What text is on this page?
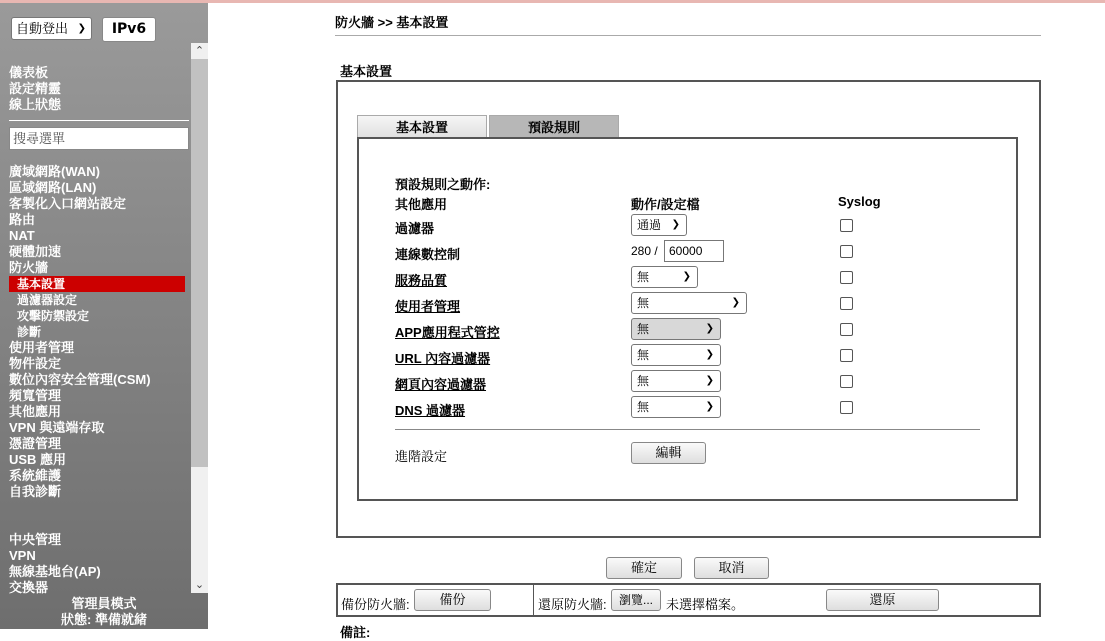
自動登出 ❯	IPv6
⌃
⌄
儀表板
設定精靈
線上狀態
搜尋選單
廣域網路(WAN)
區域網路(LAN)
客製化入口網站設定
路由
NAT
硬體加速
防火牆
基本設置
過濾器設定
攻擊防禦設定
診斷
使用者管理
物件設定
數位內容安全管理(CSM)
頻寬管理
其他應用
VPN 與遠端存取
憑證管理
USB 應用
系統維護
自我診斷
中央管理
VPN
無線基地台(AP)
交換器
管理員模式
狀態: 準備就緒
防火牆 >> 基本設置
基本設置
基本設置	預設規則
預設規則之動作:
其他應用	動作/設定檔	Syslog
過濾器	通過 ❯
連線數控制	280 / 60000
服務品質	無	❯
使用者管理	無	❯
APP應用程式管控	無	❯
URL 內容過濾器	無	❯
網頁內容過濾器	無	❯
DNS 過濾器	無	❯
進階設定	編輯
確定	取消
備份防火牆:	備份	還原防火牆:	瀏覽...	未選擇檔案。	還原
備註:
